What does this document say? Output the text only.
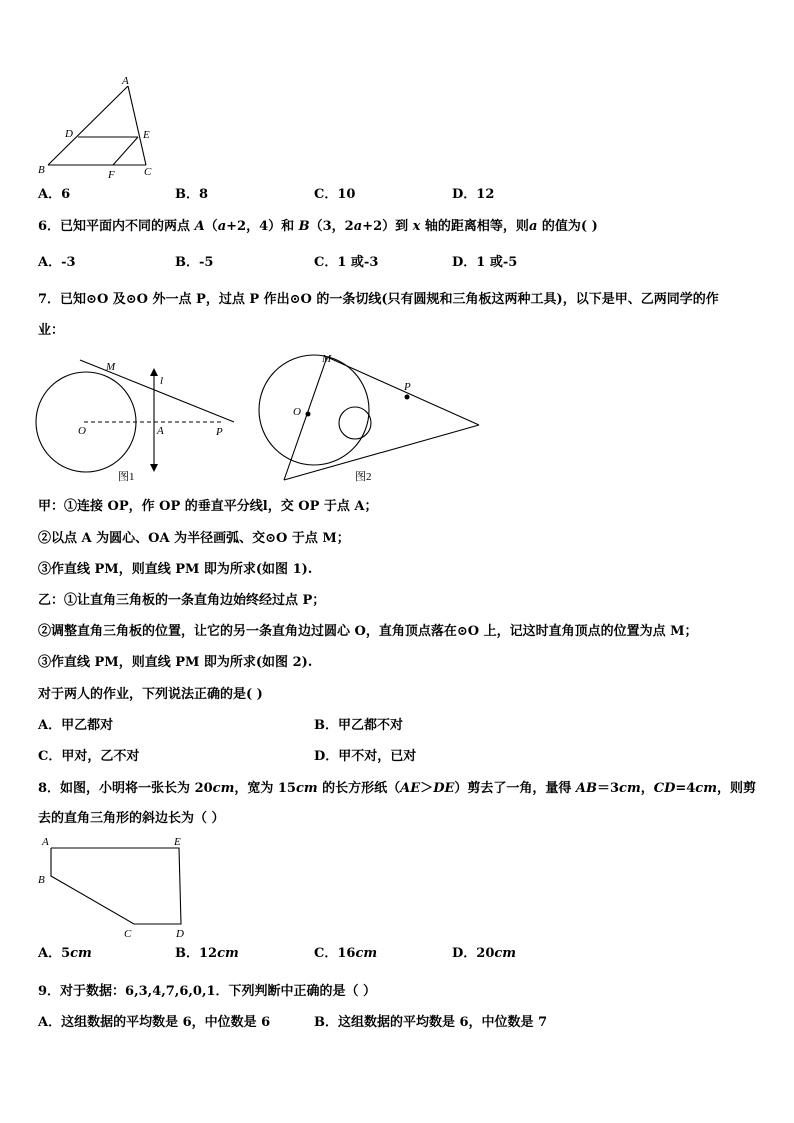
A
D	E
B	F	C
A．6	B．8	C．10	D．12
6．已知平面内不同的两点 A（a+2，4）和 B（3，2a+2）到 x 轴的距离相等，则a 的值为( )
A．-3	B．-5	C．1 或-3	D．1 或-5
7．已知⊙O 及⊙O 外一点 P，过点 P 作出⊙O 的一条切线(只有圆规和三角板这两种工具)，以下是甲、乙两同学的作
业：
M
l
O	A	P
图1
M
P
O
图2
甲：①连接 OP，作 OP 的垂直平分线l，交 OP 于点 A；
②以点 A 为圆心、OA 为半径画弧、交⊙O 于点 M；
③作直线 PM，则直线 PM 即为所求(如图 1).
乙：①让直角三角板的一条直角边始终经过点 P；
②调整直角三角板的位置，让它的另一条直角边过圆心 O，直角顶点落在⊙O 上，记这时直角顶点的位置为点 M；
③作直线 PM，则直线 PM 即为所求(如图 2).
对于两人的作业，下列说法正确的是( )
A．甲乙都对	B．甲乙都不对
C．甲对，乙不对	D．甲不对，已对
8．如图，小明将一张长为 20cm，宽为 15cm 的长方形纸（AE＞DE）剪去了一角，量得 AB＝3cm，CD=4cm，则剪
去的直角三角形的斜边长为（ ）
A	E
B
C	D
A．5cm	B．12cm	C．16cm	D．20cm
9．对于数据：6,3,4,7,6,0,1．下列判断中正确的是（ ）
A．这组数据的平均数是 6，中位数是 6	B．这组数据的平均数是 6，中位数是 7
